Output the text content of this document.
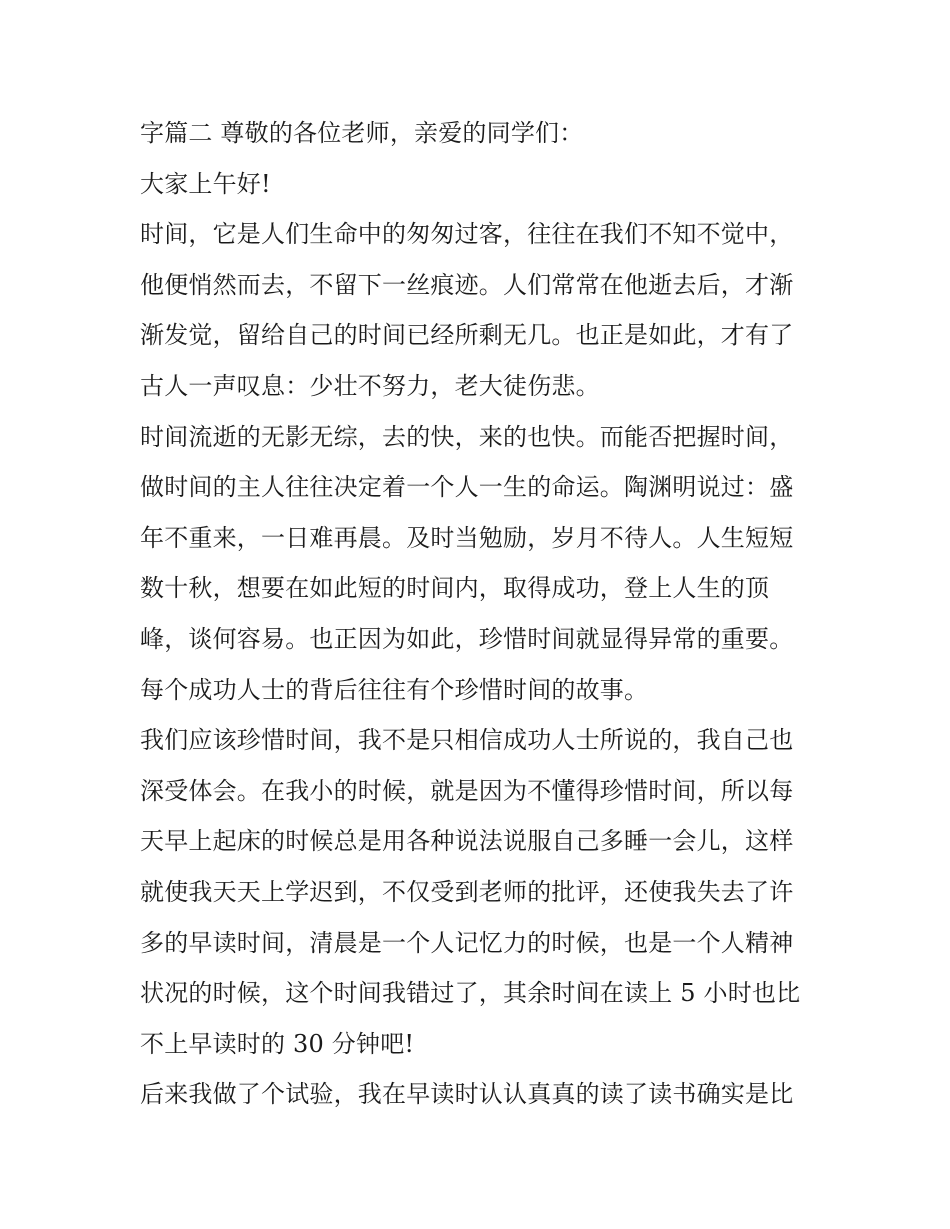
字篇二 尊敬的各位老师，亲爱的同学们：
大家上午好!
时间，它是人们生命中的匆匆过客，往往在我们不知不觉中，
他便悄然而去，不留下一丝痕迹。人们常常在他逝去后，才渐
渐发觉，留给自己的时间已经所剩无几。也正是如此，才有了
古人一声叹息：少壮不努力，老大徒伤悲。
时间流逝的无影无综，去的快，来的也快。而能否把握时间，
做时间的主人往往决定着一个人一生的命运。陶渊明说过：盛
年不重来，一日难再晨。及时当勉励，岁月不待人。人生短短
数十秋，想要在如此短的时间内，取得成功，登上人生的顶
峰，谈何容易。也正因为如此，珍惜时间就显得异常的重要。
每个成功人士的背后往往有个珍惜时间的故事。
我们应该珍惜时间，我不是只相信成功人士所说的，我自己也
深受体会。在我小的时候，就是因为不懂得珍惜时间，所以每
天早上起床的时候总是用各种说法说服自己多睡一会儿，这样
就使我天天上学迟到，不仅受到老师的批评，还使我失去了许
多的早读时间，清晨是一个人记忆力的时候，也是一个人精神
状况的时候，这个时间我错过了，其余时间在读上 5 小时也比
不上早读时的 30 分钟吧!
后来我做了个试验，我在早读时认认真真的读了读书确实是比
